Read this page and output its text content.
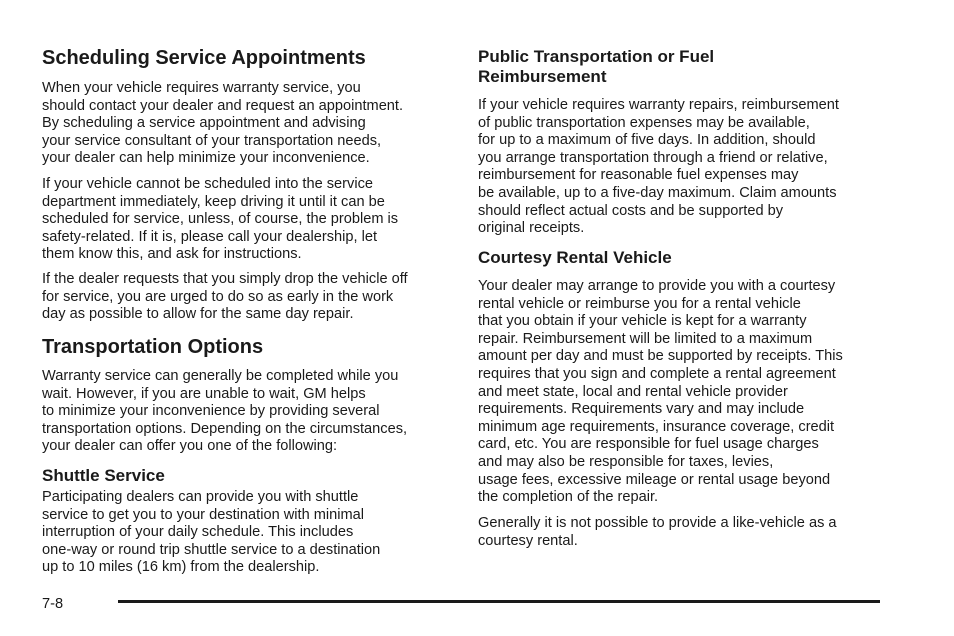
Scheduling Service Appointments
When your vehicle requires warranty service, you
should contact your dealer and request an appointment.
By scheduling a service appointment and advising
your service consultant of your transportation needs,
your dealer can help minimize your inconvenience.
If your vehicle cannot be scheduled into the service
department immediately, keep driving it until it can be
scheduled for service, unless, of course, the problem is
safety-related. If it is, please call your dealership, let
them know this, and ask for instructions.
If the dealer requests that you simply drop the vehicle off
for service, you are urged to do so as early in the work
day as possible to allow for the same day repair.
Transportation Options
Warranty service can generally be completed while you
wait. However, if you are unable to wait, GM helps
to minimize your inconvenience by providing several
transportation options. Depending on the circumstances,
your dealer can offer you one of the following:
Shuttle Service
Participating dealers can provide you with shuttle
service to get you to your destination with minimal
interruption of your daily schedule. This includes
one-way or round trip shuttle service to a destination
up to 10 miles (16 km) from the dealership.
Public Transportation or Fuel
Reimbursement
If your vehicle requires warranty repairs, reimbursement
of public transportation expenses may be available,
for up to a maximum of five days. In addition, should
you arrange transportation through a friend or relative,
reimbursement for reasonable fuel expenses may
be available, up to a five-day maximum. Claim amounts
should reflect actual costs and be supported by
original receipts.
Courtesy Rental Vehicle
Your dealer may arrange to provide you with a courtesy
rental vehicle or reimburse you for a rental vehicle
that you obtain if your vehicle is kept for a warranty
repair. Reimbursement will be limited to a maximum
amount per day and must be supported by receipts. This
requires that you sign and complete a rental agreement
and meet state, local and rental vehicle provider
requirements. Requirements vary and may include
minimum age requirements, insurance coverage, credit
card, etc. You are responsible for fuel usage charges
and may also be responsible for taxes, levies,
usage fees, excessive mileage or rental usage beyond
the completion of the repair.
Generally it is not possible to provide a like-vehicle as a
courtesy rental.
7-8
